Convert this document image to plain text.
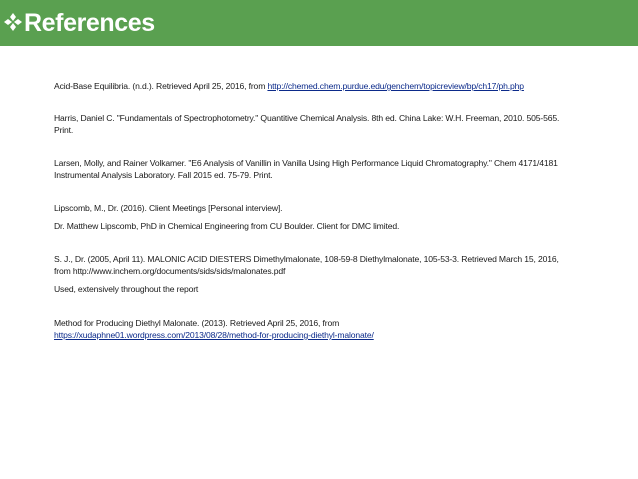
References
Acid-Base Equilibria. (n.d.). Retrieved April 25, 2016, from http://chemed.chem.purdue.edu/genchem/topicreview/bp/ch17/ph.php
Harris, Daniel C. "Fundamentals of Spectrophotometry." Quantitive Chemical Analysis. 8th ed. China Lake: W.H. Freeman, 2010. 505-565.
Print.
Larsen, Molly, and Rainer Volkamer. "E6 Analysis of Vanillin in Vanilla Using High Performance Liquid Chromatography." Chem 4171/4181
Instrumental Analysis Laboratory. Fall 2015 ed. 75-79. Print.
Lipscomb, M., Dr. (2016). Client Meetings [Personal interview].
Dr. Matthew Lipscomb, PhD in Chemical Engineering from CU Boulder. Client for DMC limited.
S. J., Dr. (2005, April 11). MALONIC ACID DIESTERS Dimethylmalonate, 108-59-8 Diethylmalonate, 105-53-3. Retrieved March 15, 2016,
from http://www.inchem.org/documents/sids/sids/malonates.pdf
Used, extensively throughout the report
Method for Producing Diethyl Malonate. (2013). Retrieved April 25, 2016, from
https://xudaphne01.wordpress.com/2013/08/28/method-for-producing-diethyl-malonate/
